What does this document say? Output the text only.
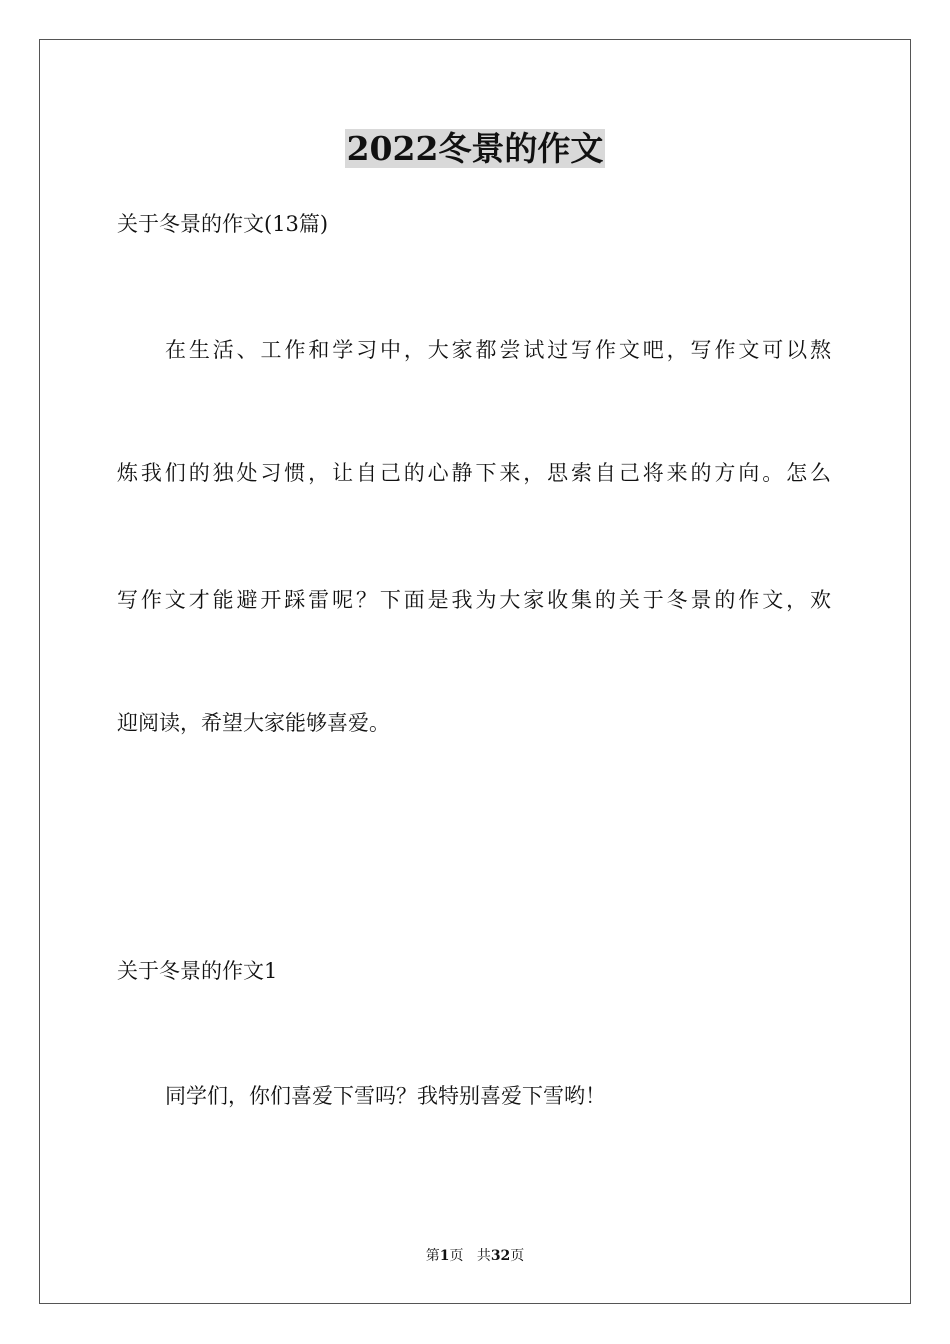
2022冬景的作文
关于冬景的作文(13篇)
在生活、工作和学习中，大家都尝试过写作文吧，写作文可以熬
炼我们的独处习惯，让自己的心静下来，思索自己将来的方向。怎么
写作文才能避开踩雷呢？下面是我为大家收集的关于冬景的作文，欢
迎阅读，希望大家能够喜爱。
关于冬景的作文1
同学们，你们喜爱下雪吗？我特别喜爱下雪哟！
第1页 共32页
